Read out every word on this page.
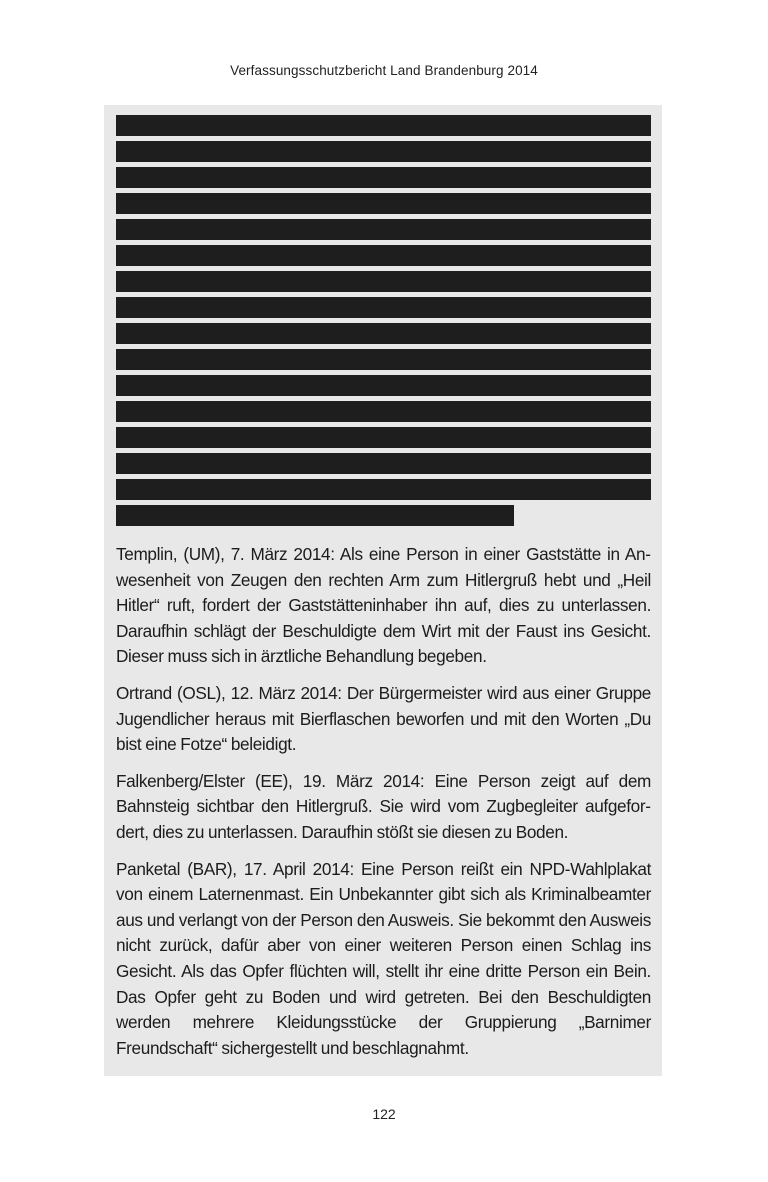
Verfassungsschutzbericht Land Brandenburg 2014

Templin, (UM), 7. März 2014: Als eine Person in einer Gaststätte in Anwesenheit von Zeugen den rechten Arm zum Hitlergruß hebt und „Heil Hitler“ ruft, fordert der Gaststätteninhaber ihn auf, dies zu unterlassen. Daraufhin schlägt der Beschuldigte dem Wirt mit der Faust ins Gesicht. Dieser muss sich in ärztliche Behandlung begeben.

Ortrand (OSL), 12. März 2014: Der Bürgermeister wird aus einer Gruppe Jugendlicher heraus mit Bierflaschen beworfen und mit den Worten „Du bist eine Fotze“ beleidigt.

Falkenberg/Elster (EE), 19. März 2014: Eine Person zeigt auf dem Bahnsteig sichtbar den Hitlergruß. Sie wird vom Zugbegleiter aufgefordert, dies zu unterlassen. Daraufhin stößt sie diesen zu Boden.

Panketal (BAR), 17. April 2014: Eine Person reißt ein NPD-Wahlplakat von einem Laternenmast. Ein Unbekannter gibt sich als Kriminalbeamter aus und verlangt von der Person den Ausweis. Sie bekommt den Ausweis nicht zurück, dafür aber von einer weiteren Person einen Schlag ins Gesicht. Als das Opfer flüchten will, stellt ihr eine dritte Person ein Bein. Das Opfer geht zu Boden und wird getreten. Bei den Beschuldigten werden mehrere Kleidungsstücke der Gruppierung „Barnimer Freundschaft“ sichergestellt und beschlagnahmt.

122
